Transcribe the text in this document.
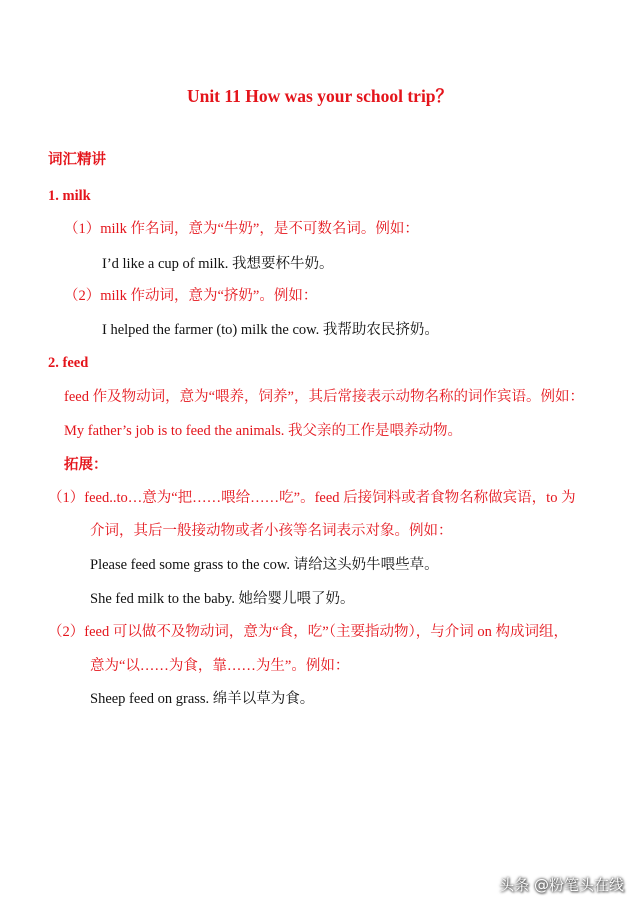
Unit 11 How was your school trip？
词汇精讲
1. milk
（1）milk 作名词，意为“牛奶”，是不可数名词。例如：
I’d like a cup of milk. 我想要杯牛奶。
（2）milk 作动词，意为“挤奶”。例如：
I helped the farmer (to) milk the cow. 我帮助农民挤奶。
2. feed
feed 作及物动词，意为“喂养，饲养”，其后常接表示动物名称的词作宾语。例如：
My father’s job is to feed the animals. 我父亲的工作是喂养动物。
拓展：
（1）feed..to…意为“把……喂给……吃”。feed 后接饲料或者食物名称做宾语，to 为
介词，其后一般接动物或者小孩等名词表示对象。例如：
Please feed some grass to the cow. 请给这头奶牛喂些草。
She fed milk to the baby. 她给婴儿喂了奶。
（2）feed 可以做不及物动词，意为“食，吃”（主要指动物），与介词 on 构成词组，
意为“以……为食，靠……为生”。例如：
Sheep feed on grass. 绵羊以草为食。
头条 @粉笔头在线
